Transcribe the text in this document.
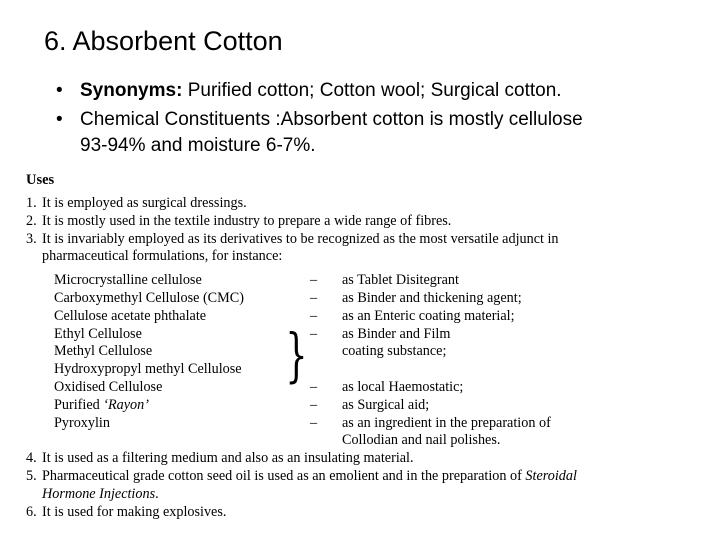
6. Absorbent Cotton
• Synonyms: Purified cotton; Cotton wool; Surgical cotton.
• Chemical Constituents :Absorbent cotton is mostly cellulose
93-94% and moisture 6-7%.
Uses
1. It is employed as surgical dressings.
2. It is mostly used in the textile industry to prepare a wide range of fibres.
3. It is invariably employed as its derivatives to be recognized as the most versatile adjunct in
pharmaceutical formulations, for instance:
Microcrystalline cellulose	– as Tablet Disitegrant
Carboxymethyl Cellulose (CMC)	– as Binder and thickening agent;
Cellulose acetate phthalate	– as an Enteric coating material;
Ethyl Cellulose	– as Binder and Film
}
Methyl Cellulose	coating substance;
Hydroxypropyl methyl Cellulose
Oxidised Cellulose	– as local Haemostatic;
Purified ‘Rayon’	– as Surgical aid;
Pyroxylin	– as an ingredient in the preparation of
Collodian and nail polishes.
4. It is used as a filtering medium and also as an insulating material.
5. Pharmaceutical grade cotton seed oil is used as an emolient and in the preparation of Steroidal
Hormone Injections.
6. It is used for making explosives.
